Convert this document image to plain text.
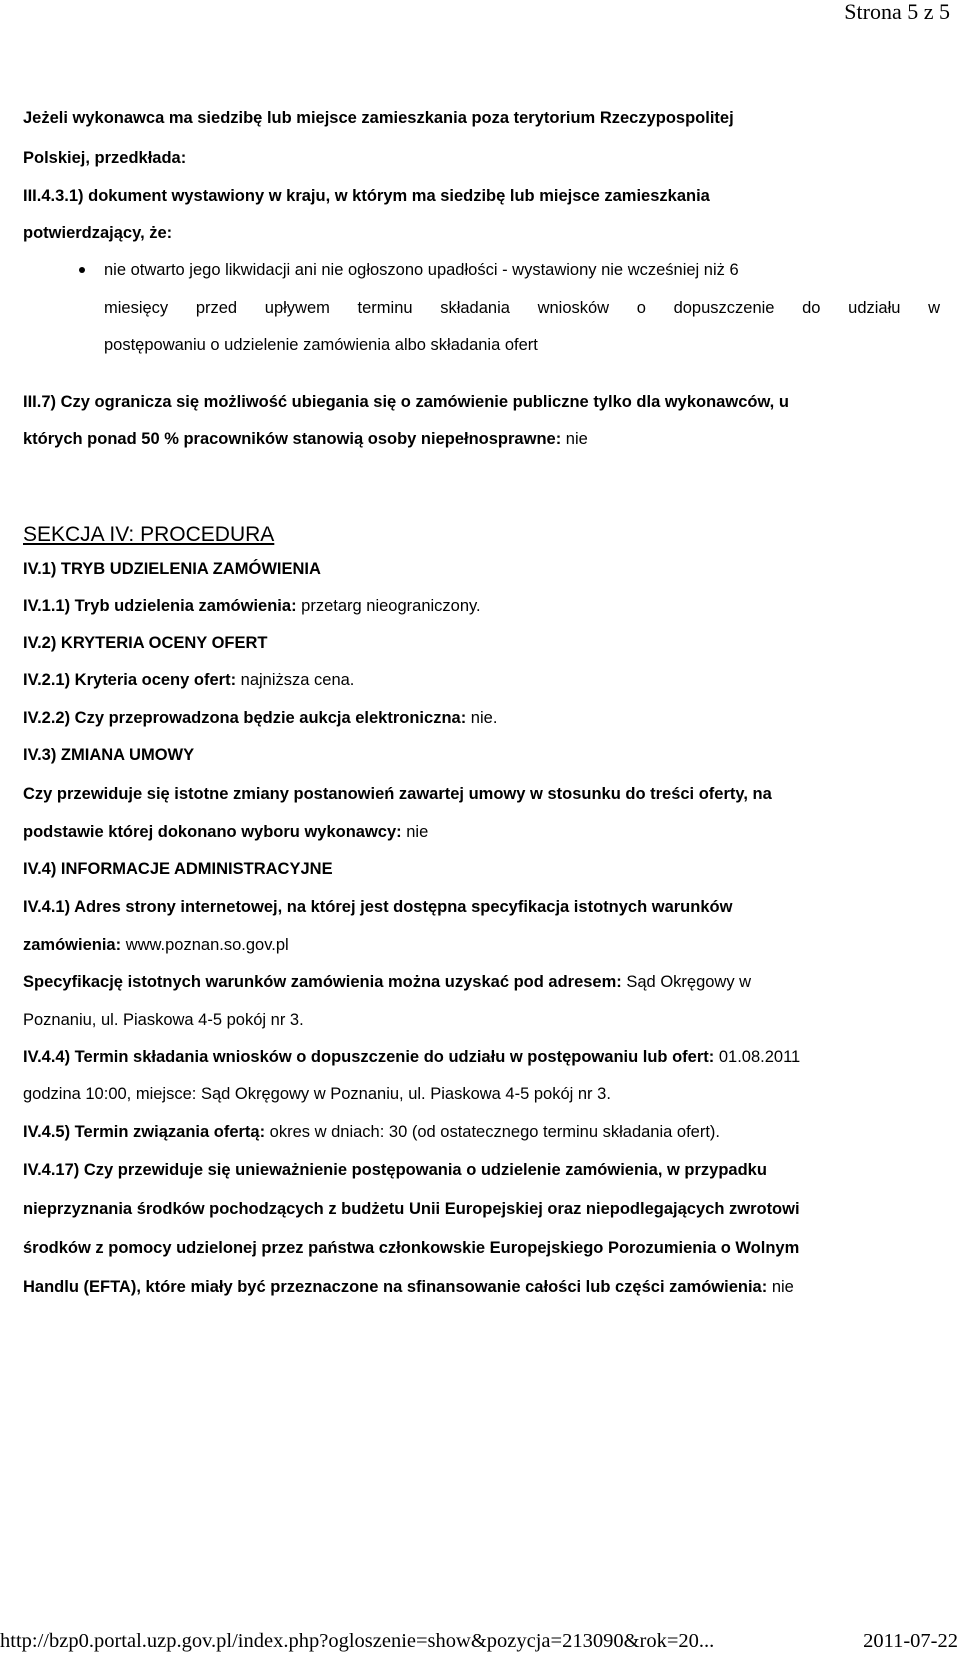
Strona 5 z 5
Jeżeli wykonawca ma siedzibę lub miejsce zamieszkania poza terytorium Rzeczypospolitej
Polskiej, przedkłada:
III.4.3.1) dokument wystawiony w kraju, w którym ma siedzibę lub miejsce zamieszkania
potwierdzający, że:
nie otwarto jego likwidacji ani nie ogłoszono upadłości - wystawiony nie wcześniej niż 6
miesięcy przed upływem terminu składania wniosków o dopuszczenie do udziału w
postępowaniu o udzielenie zamówienia albo składania ofert
III.7) Czy ogranicza się możliwość ubiegania się o zamówienie publiczne tylko dla wykonawców, u
których ponad 50 % pracowników stanowią osoby niepełnosprawne: nie
SEKCJA IV: PROCEDURA
IV.1) TRYB UDZIELENIA ZAMÓWIENIA
IV.1.1) Tryb udzielenia zamówienia: przetarg nieograniczony.
IV.2) KRYTERIA OCENY OFERT
IV.2.1) Kryteria oceny ofert: najniższa cena.
IV.2.2) Czy przeprowadzona będzie aukcja elektroniczna: nie.
IV.3) ZMIANA UMOWY
Czy przewiduje się istotne zmiany postanowień zawartej umowy w stosunku do treści oferty, na
podstawie której dokonano wyboru wykonawcy: nie
IV.4) INFORMACJE ADMINISTRACYJNE
IV.4.1) Adres strony internetowej, na której jest dostępna specyfikacja istotnych warunków
zamówienia: www.poznan.so.gov.pl
Specyfikację istotnych warunków zamówienia można uzyskać pod adresem: Sąd Okręgowy w
Poznaniu, ul. Piaskowa 4-5 pokój nr 3.
IV.4.4) Termin składania wniosków o dopuszczenie do udziału w postępowaniu lub ofert: 01.08.2011
godzina 10:00, miejsce: Sąd Okręgowy w Poznaniu, ul. Piaskowa 4-5 pokój nr 3.
IV.4.5) Termin związania ofertą: okres w dniach: 30 (od ostatecznego terminu składania ofert).
IV.4.17) Czy przewiduje się unieważnienie postępowania o udzielenie zamówienia, w przypadku
nieprzyznania środków pochodzących z budżetu Unii Europejskiej oraz niepodlegających zwrotowi
środków z pomocy udzielonej przez państwa członkowskie Europejskiego Porozumienia o Wolnym
Handlu (EFTA), które miały być przeznaczone na sfinansowanie całości lub części zamówienia: nie
http://bzp0.portal.uzp.gov.pl/index.php?ogloszenie=show&pozycja=213090&rok=20...	2011-07-22
